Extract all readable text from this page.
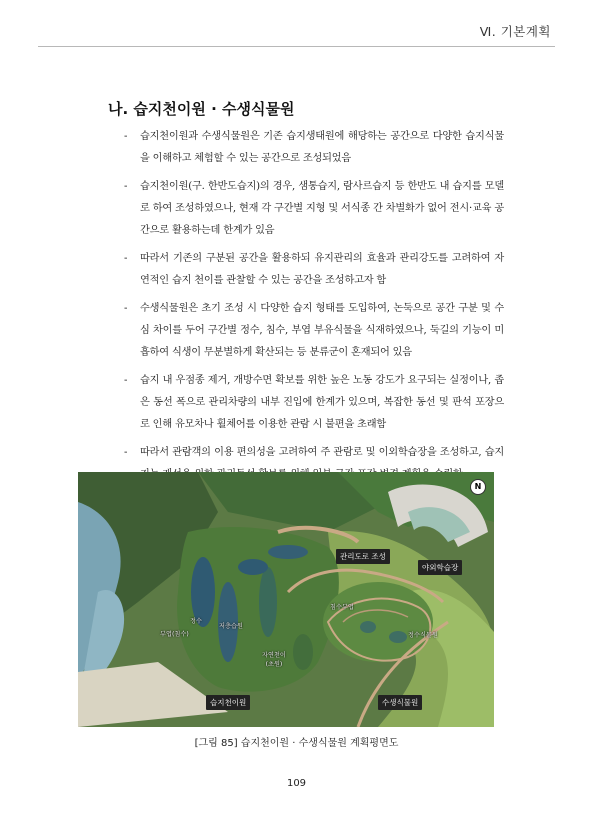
Ⅵ. 기본계획
나. 습지천이원 · 수생식물원
- 습지천이원과 수생식물원은 기존 습지생태원에 해당하는 공간으로 다양한 습지식물을 이해하고 체험할 수 있는 공간으로 조성되었음
- 습지천이원(구. 한반도습지)의 경우, 샘통습지, 람사르습지 등 한반도 내 습지를 모델로 하여 조성하였으나, 현재 각 구간별 지형 및 서식종 간 차별화가 없어 전시·교육 공간으로 활용하는데 한계가 있음
- 따라서 기존의 구분된 공간을 활용하되 유지관리의 효율과 관리강도를 고려하여 자연적인 습지 천이를 관찰할 수 있는 공간을 조성하고자 함
- 수생식물원은 초기 조성 시 다양한 습지 형태를 도입하여, 논둑으로 공간 구분 및 수심 차이를 두어 구간별 정수, 침수, 부엽 부유식물을 식재하였으나, 둑길의 기능이 미흡하여 식생이 무분별하게 확산되는 등 분류군이 혼재되어 있음
- 습지 내 우점종 제거, 개방수면 확보를 위한 높은 노동 강도가 요구되는 실정이나, 좁은 동선 폭으로 관리차량의 내부 진입에 한계가 있으며, 복잡한 동선 및 판석 포장으로 인해 유모차나 휠체어를 이용한 관람 시 불편을 초래함
- 따라서 관람객의 이용 편의성을 고려하여 주 관람로 및 이외학습장을 조성하고, 습지
N
관리도로 조성
야외학습장
습지천이원	수생식물원
부엽(침수)
정수
저층습원
자연천이
(초원)
침수부엽
정수식물원
[그림 85] 습지천이원 · 수생식물원 계획평면도
109
